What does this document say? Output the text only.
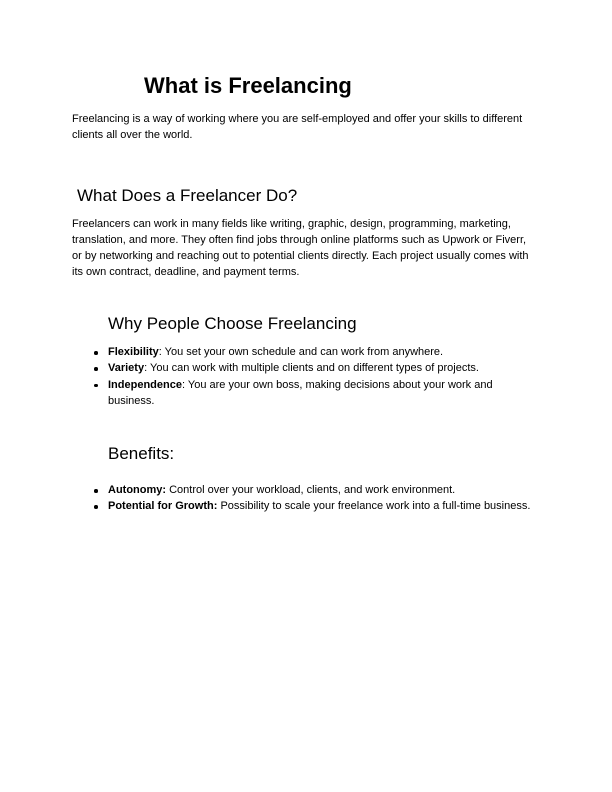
What is Freelancing

Freelancing is a way of working where you are self-employed and offer your skills to different clients all over the world.

What Does a Freelancer Do?

Freelancers can work in many fields like writing, graphic, design, programming, marketing, translation, and more. They often find jobs through online platforms such as Upwork or Fiverr, or by networking and reaching out to potential clients directly. Each project usually comes with its own contract, deadline, and payment terms.

Why People Choose Freelancing
Flexibility: You set your own schedule and can work from anywhere.
Variety: You can work with multiple clients and on different types of projects.
Independence: You are your own boss, making decisions about your work and business.
Benefits:
Autonomy: Control over your workload, clients, and work environment.
Potential for Growth: Possibility to scale your freelance work into a full-time business.
